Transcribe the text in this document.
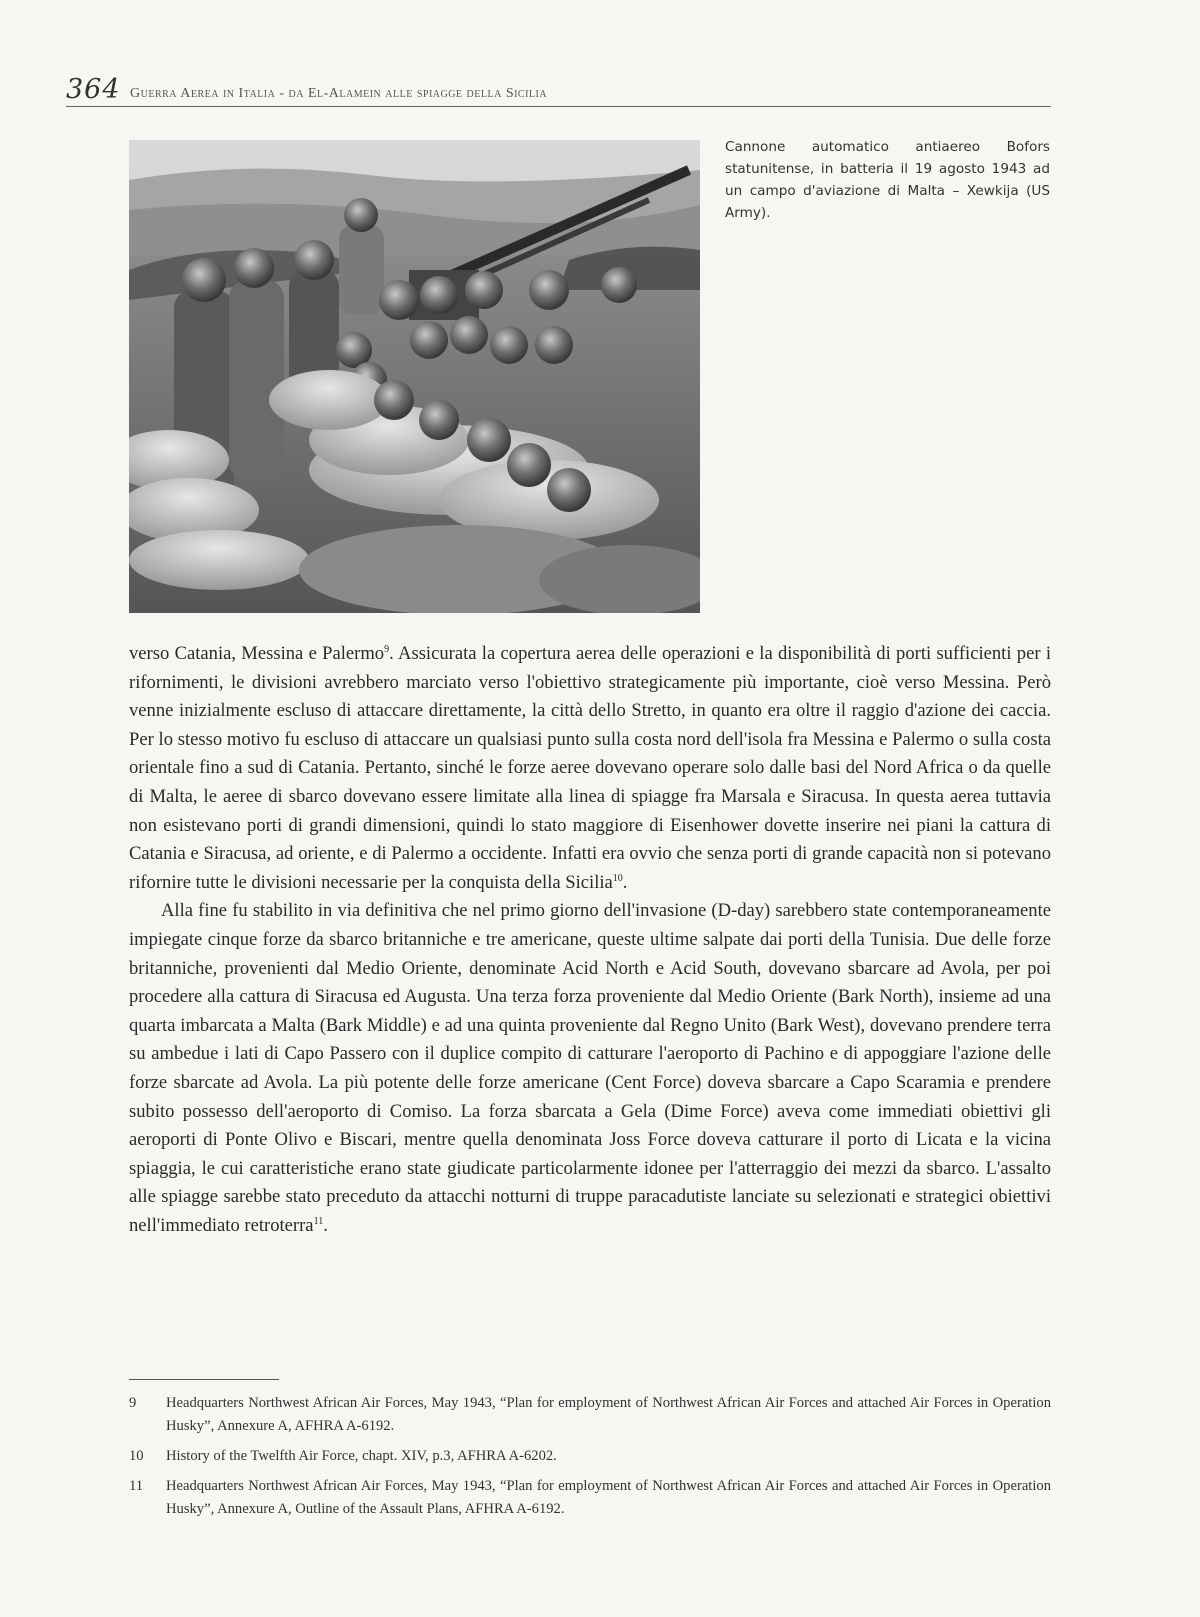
364 Guerra Aerea in Italia - da El-Alamein alle spiagge della Sicilia
Cannone automatico antiaereo Bofors statunitense, in batteria il 19 agosto 1943 ad un campo d'aviazione di Malta – Xewkija (US Army).

verso Catania, Messina e Palermo$^9$. Assicurata la copertura aerea delle operazioni e la disponibilità di porti sufficienti per i rifornimenti, le divisioni avrebbero marciato verso l'obiettivo strategicamente più importante, cioè verso Messina. Però venne inizialmente escluso di attaccare direttamente, la città dello Stretto, in quanto era oltre il raggio d'azione dei caccia. Per lo stesso motivo fu escluso di attaccare un qualsiasi punto sulla costa nord dell'isola fra Messina e Palermo o sulla costa orientale fino a sud di Catania. Pertanto, sinché le forze aeree dovevano operare solo dalle basi del Nord Africa o da quelle di Malta, le aeree di sbarco dovevano essere limitate alla linea di spiagge fra Marsala e Siracusa. In questa aerea tuttavia non esistevano porti di grandi dimensioni, quindi lo stato maggiore di Eisenhower dovette inserire nei piani la cattura di Catania e Siracusa, ad oriente, e di Palermo a occidente. Infatti era ovvio che senza porti di grande capacità non si potevano rifornire tutte le divisioni necessarie per la conquista della Sicilia$^{10}$.

Alla fine fu stabilito in via definitiva che nel primo giorno dell'invasione (D-day) sarebbero state contemporaneamente impiegate cinque forze da sbarco britanniche e tre americane, queste ultime salpate dai porti della Tunisia. Due delle forze britanniche, provenienti dal Medio Oriente, denominate Acid North e Acid South, dovevano sbarcare ad Avola, per poi procedere alla cattura di Siracusa ed Augusta. Una terza forza proveniente dal Medio Oriente (Bark North), insieme ad una quarta imbarcata a Malta (Bark Middle) e ad una quinta proveniente dal Regno Unito (Bark West), dovevano prendere terra su ambedue i lati di Capo Passero con il duplice compito di catturare l'aeroporto di Pachino e di appoggiare l'azione delle forze sbarcate ad Avola. La più potente delle forze americane (Cent Force) doveva sbarcare a Capo Scaramia e prendere subito possesso dell'aeroporto di Comiso. La forza sbarcata a Gela (Dime Force) aveva come immediati obiettivi gli aeroporti di Ponte Olivo e Biscari, mentre quella denominata Joss Force doveva catturare il porto di Licata e la vicina spiaggia, le cui caratteristiche erano state giudicate particolarmente idonee per l'atterraggio dei mezzi da sbarco. L'assalto alle spiagge sarebbe stato preceduto da attacchi notturni di truppe paracadutiste lanciate su selezionati e strategici obiettivi nell'immediato retroterra$^{11}$.

9 Headquarters Northwest African Air Forces, May 1943, “Plan for employment of Northwest African Air Forces and attached Air Forces in Operation Husky”, Annexure A, AFHRA A-6192.
10 History of the Twelfth Air Force, chapt. XIV, p.3, AFHRA A-6202.
11 Headquarters Northwest African Air Forces, May 1943, “Plan for employment of Northwest African Air Forces and attached Air Forces in Operation Husky”, Annexure A, Outline of the Assault Plans, AFHRA A-6192.
